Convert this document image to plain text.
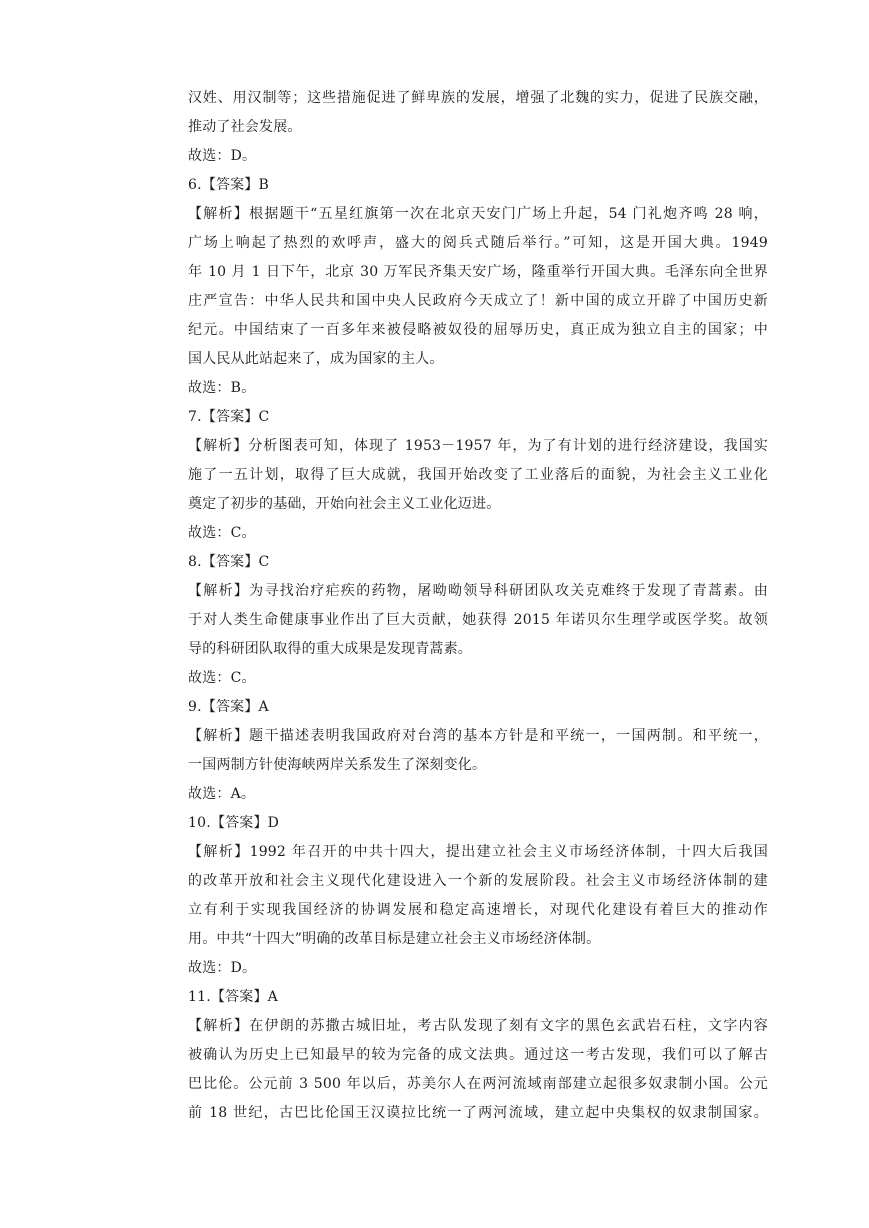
汉姓、用汉制等；这些措施促进了鲜卑族的发展，增强了北魏的实力，促进了民族交融，
推动了社会发展。
故选：D。
6.【答案】B
【解析】根据题干“五星红旗第一次在北京天安门广场上升起，54 门礼炮齐鸣 28 响，
广场上响起了热烈的欢呼声，盛大的阅兵式随后举行。”可知，这是开国大典。1949
年 10 月 1 日下午，北京 30 万军民齐集天安广场，隆重举行开国大典。毛泽东向全世界
庄严宣告：中华人民共和国中央人民政府今天成立了！新中国的成立开辟了中国历史新
纪元。中国结束了一百多年来被侵略被奴役的屈辱历史，真正成为独立自主的国家；中
国人民从此站起来了，成为国家的主人。
故选：B。
7.【答案】C
【解析】分析图表可知，体现了 1953－1957 年，为了有计划的进行经济建设，我国实
施了一五计划，取得了巨大成就，我国开始改变了工业落后的面貌，为社会主义工业化
奠定了初步的基础，开始向社会主义工业化迈进。
故选：C。
8.【答案】C
【解析】为寻找治疗疟疾的药物，屠呦呦领导科研团队攻关克难终于发现了青蒿素。由
于对人类生命健康事业作出了巨大贡献，她获得 2015 年诺贝尔生理学或医学奖。故领
导的科研团队取得的重大成果是发现青蒿素。
故选：C。
9.【答案】A
【解析】题干描述表明我国政府对台湾的基本方针是和平统一，一国两制。和平统一，
一国两制方针使海峡两岸关系发生了深刻变化。
故选：A。
10.【答案】D
【解析】1992 年召开的中共十四大，提出建立社会主义市场经济体制，十四大后我国
的改革开放和社会主义现代化建设进入一个新的发展阶段。社会主义市场经济体制的建
立有利于实现我国经济的协调发展和稳定高速增长，对现代化建设有着巨大的推动作
用。中共“十四大”明确的改革目标是建立社会主义市场经济体制。
故选：D。
11.【答案】A
【解析】在伊朗的苏撒古城旧址，考古队发现了刻有文字的黑色玄武岩石柱，文字内容
被确认为历史上已知最早的较为完备的成文法典。通过这一考古发现，我们可以了解古
巴比伦。公元前 3 500 年以后，苏美尔人在两河流域南部建立起很多奴隶制小国。公元
前 18 世纪，古巴比伦国王汉谟拉比统一了两河流域，建立起中央集权的奴隶制国家。
